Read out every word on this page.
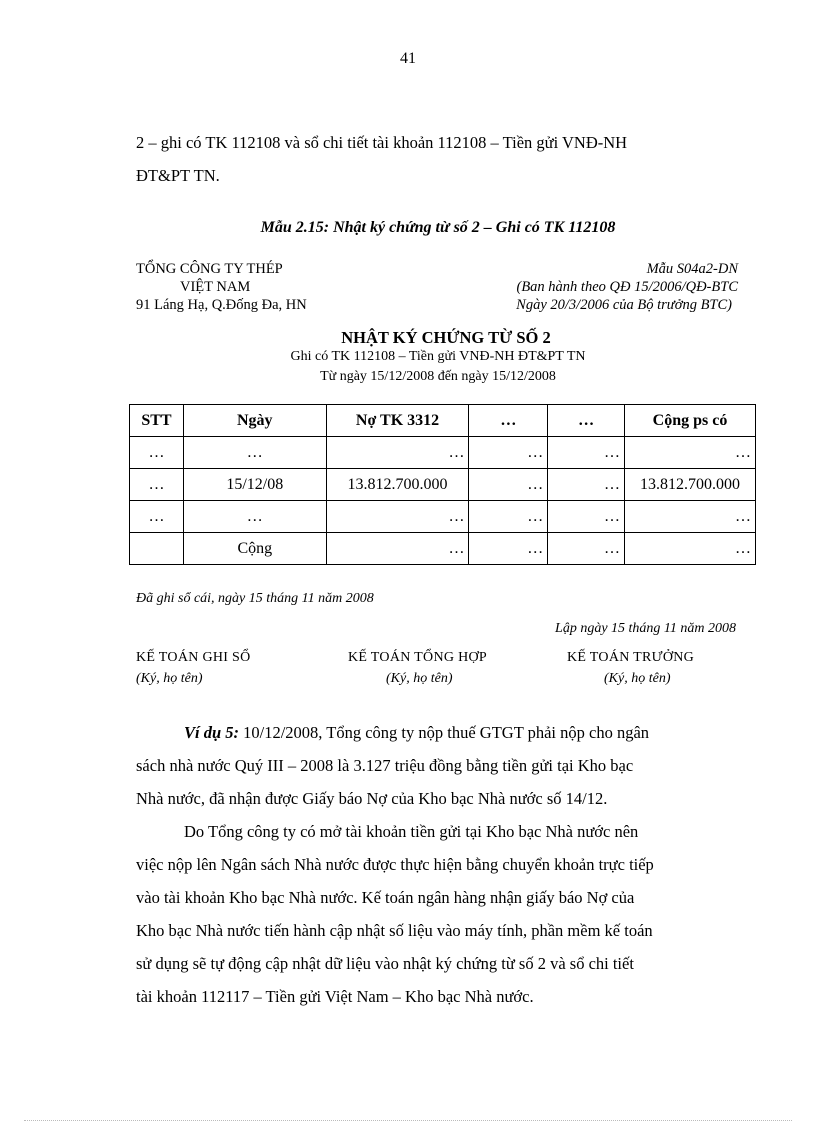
41
2 – ghi có TK 112108 và sổ chi tiết tài khoản 112108 – Tiền gửi VNĐ-NH
ĐT&PT TN.
Mẫu 2.15: Nhật ký chứng từ số 2 – Ghi có TK 112108
TỔNG CÔNG TY THÉP
VIỆT NAM
91 Láng Hạ, Q.Đống Đa, HN
Mẫu S04a2-DN
(Ban hành theo QĐ 15/2006/QĐ-BTC
Ngày 20/3/2006 của Bộ trưởng BTC)
NHẬT KÝ CHỨNG TỪ SỐ 2
Ghi có TK 112108 – Tiền gửi VNĐ-NH ĐT&PT TN
Từ ngày 15/12/2008 đến ngày 15/12/2008
STT	Ngày	Nợ TK 3312	…	…	Cộng ps có
…	…	…	…	…	…
…	15/12/08	13.812.700.000	…	…	13.812.700.000
…	…	…	…	…	…
	Cộng	…	…	…	…
Đã ghi sổ cái, ngày 15 tháng 11 năm 2008
Lập ngày 15 tháng 11 năm 2008
KẾ TOÁN GHI SỔ
(Ký, họ tên)
KẾ TOÁN TỔNG HỢP
(Ký, họ tên)
KẾ TOÁN TRƯỞNG
(Ký, họ tên)
Ví dụ 5: 10/12/2008, Tổng công ty nộp thuế GTGT phải nộp cho ngân
sách nhà nước Quý III – 2008 là 3.127 triệu đồng bằng tiền gửi tại Kho bạc
Nhà nước, đã nhận được Giấy báo Nợ của Kho bạc Nhà nước số 14/12.
Do Tổng công ty có mở tài khoản tiền gửi tại Kho bạc Nhà nước nên
việc nộp lên Ngân sách Nhà nước được thực hiện bằng chuyển khoản trực tiếp
vào tài khoản Kho bạc Nhà nước. Kế toán ngân hàng nhận giấy báo Nợ của
Kho bạc Nhà nước tiến hành cập nhật số liệu vào máy tính, phần mềm kế toán
sử dụng sẽ tự động cập nhật dữ liệu vào nhật ký chứng từ số 2 và sổ chi tiết
tài khoản 112117 – Tiền gửi Việt Nam – Kho bạc Nhà nước.
